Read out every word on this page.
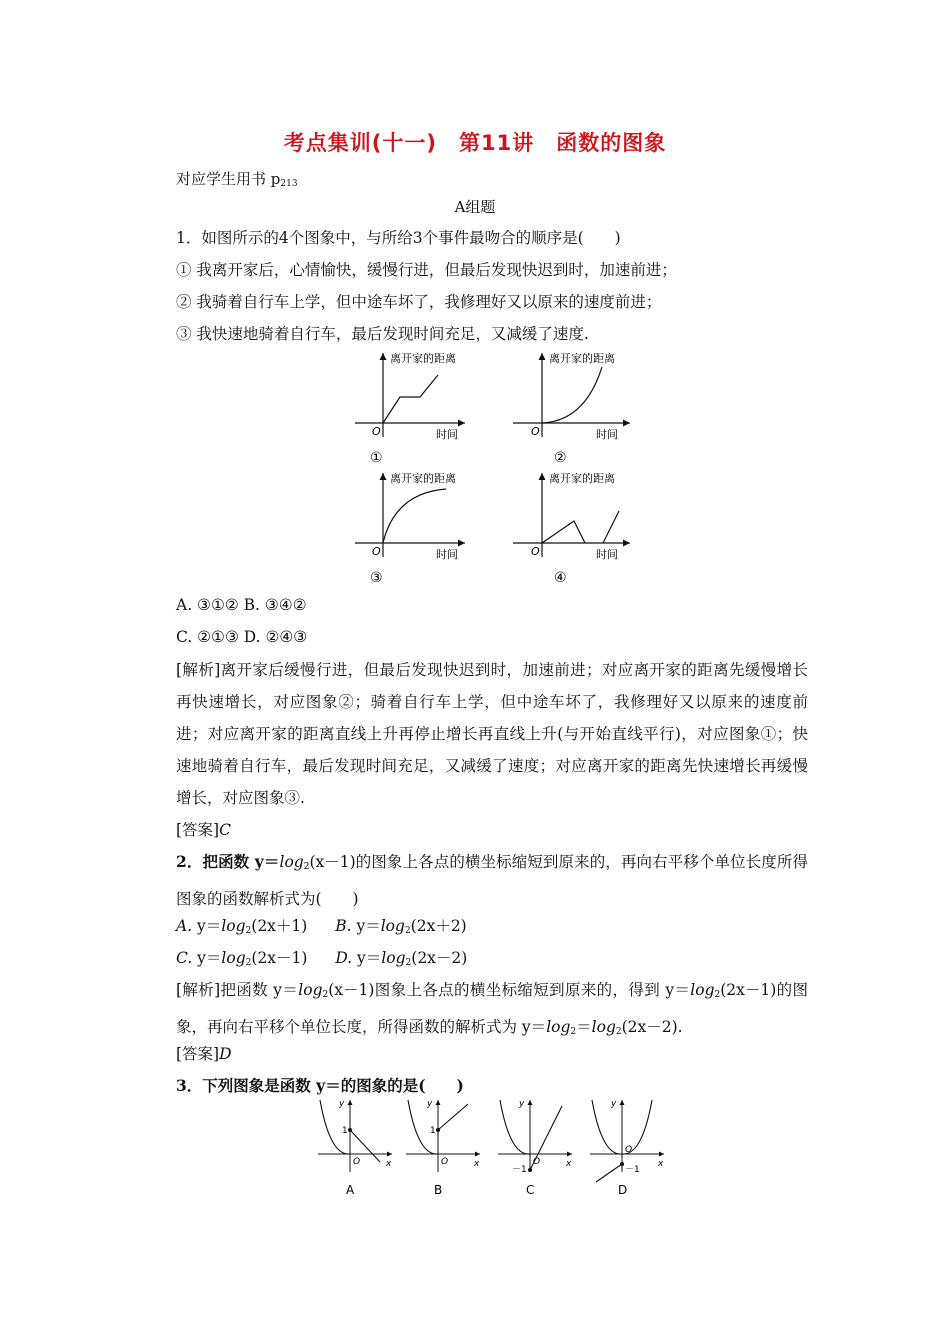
考点集训(十一)　第11讲　函数的图象
对应学生用书 $p_{213}$
A组题
1．如图所示的4个图象中，与所给3个事件最吻合的顺序是(　　)
① 我离开家后，心情愉快，缓慢行进，但最后发现快迟到时，加速前进；
② 我骑着自行车上学，但中途车坏了，我修理好又以原来的速度前进；
③ 我快速地骑着自行车，最后发现时间充足，又减缓了速度.
离开家的距离
时间
O
①
离开家的距离
时间
O
②
离开家的距离
时间
O
③
离开家的距离
时间
O
④
A. ③①② B. ③④②
C. ②①③ D. ②④③
[解析]离开家后缓慢行进，但最后发现快迟到时，加速前进；对应离开家的距离先缓慢增长再快速增长，对应图象②；骑着自行车上学，但中途车坏了，我修理好又以原来的速度前进；对应离开家的距离直线上升再停止增长再直线上升(与开始直线平行)，对应图象①；快速地骑着自行车，最后发现时间充足，又减缓了速度；对应离开家的距离先快速增长再缓慢增长，对应图象③.
[答案]C
2．把函数 $y=\log_2(x-1)$的图象上各点的横坐标缩短到原来的，再向右平移个单位长度所得图象的函数解析式为(　　)
A. $y=\log_2(2x+1)$ B. $y=\log_2(2x+2)$
C. $y=\log_2(2x-1)$ D. $y=\log_2(2x-2)$
[解析]把函数 $y=\log_2(x-1)$图象上各点的横坐标缩短到原来的，得到 $y=\log_2(2x-1)$的图象，再向右平移个单位长度，所得函数的解析式为 $y=\log_2=\log_2(2x-2)$.
[答案]D
3．下列图象是函数 y＝的图象的是(　　)
y
x
O
1
A
y
x
O
1
B
y
x
O
－1
C
y
x
O
－1
D
